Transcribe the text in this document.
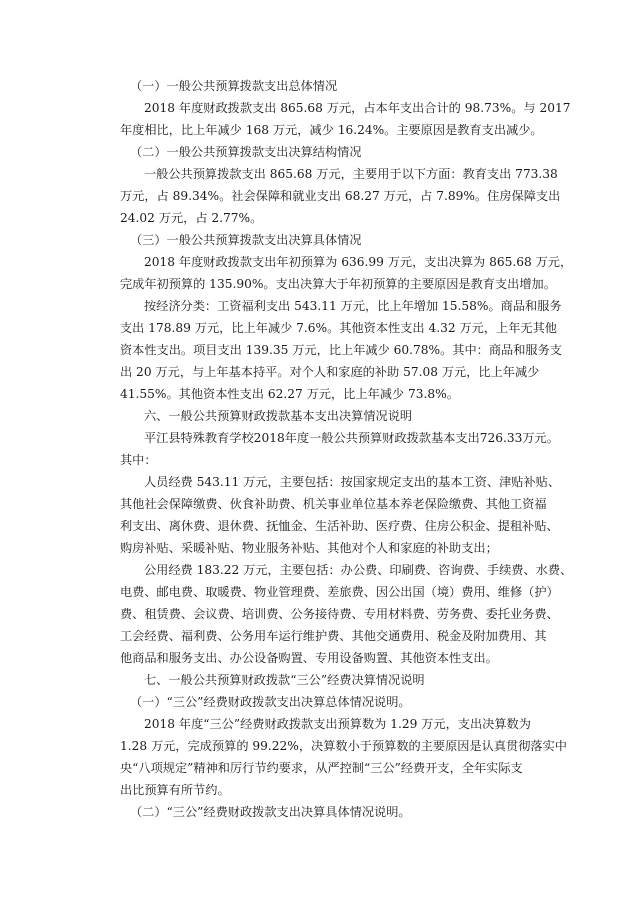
（一）一般公共预算拨款支出总体情况
2018 年度财政拨款支出 865.68 万元，占本年支出合计的 98.73%。与 2017
年度相比，比上年减少 168 万元，减少 16.24%。主要原因是教育支出减少。
（二）一般公共预算拨款支出决算结构情况
一般公共预算拨款支出 865.68 万元，主要用于以下方面：教育支出 773.38
万元，占 89.34%。社会保障和就业支出 68.27 万元，占 7.89%。住房保障支出
24.02 万元，占 2.77%。
（三）一般公共预算拨款支出决算具体情况
2018 年度财政拨款支出年初预算为 636.99 万元，支出决算为 865.68 万元，
完成年初预算的 135.90%。支出决算大于年初预算的主要原因是教育支出增加。
按经济分类：工资福利支出 543.11 万元，比上年增加 15.58%。商品和服务
支出 178.89 万元，比上年减少 7.6%。其他资本性支出 4.32 万元，上年无其他
资本性支出。项目支出 139.35 万元，比上年减少 60.78%。其中：商品和服务支
出 20 万元，与上年基本持平。对个人和家庭的补助 57.08 万元，比上年减少
41.55%。其他资本性支出 62.27 万元，比上年减少 73.8%。
六、一般公共预算财政拨款基本支出决算情况说明
平江县特殊教育学校2018年度一般公共预算财政拨款基本支出726.33万元。
其中：
人员经费 543.11 万元，主要包括：按国家规定支出的基本工资、津贴补贴、
其他社会保障缴费、伙食补助费、机关事业单位基本养老保险缴费、其他工资福
利支出、离休费、退休费、抚恤金、生活补助、医疗费、住房公积金、提租补贴、
购房补贴、采暖补贴、物业服务补贴、其他对个人和家庭的补助支出；
公用经费 183.22 万元，主要包括：办公费、印刷费、咨询费、手续费、水费、
电费、邮电费、取暖费、物业管理费、差旅费、因公出国（境）费用、维修（护）
费、租赁费、会议费、培训费、公务接待费、专用材料费、劳务费、委托业务费、
工会经费、福利费、公务用车运行维护费、其他交通费用、税金及附加费用、其
他商品和服务支出、办公设备购置、专用设备购置、其他资本性支出。
七、一般公共预算财政拨款“三公”经费决算情况说明
（一）“三公”经费财政拨款支出决算总体情况说明。
2018 年度“三公”经费财政拨款支出预算数为 1.29 万元，支出决算数为
1.28 万元，完成预算的 99.22%，决算数小于预算数的主要原因是认真贯彻落实中
央“八项规定”精神和厉行节约要求，从严控制“三公”经费开支，全年实际支
出比预算有所节约。
（二）“三公”经费财政拨款支出决算具体情况说明。
